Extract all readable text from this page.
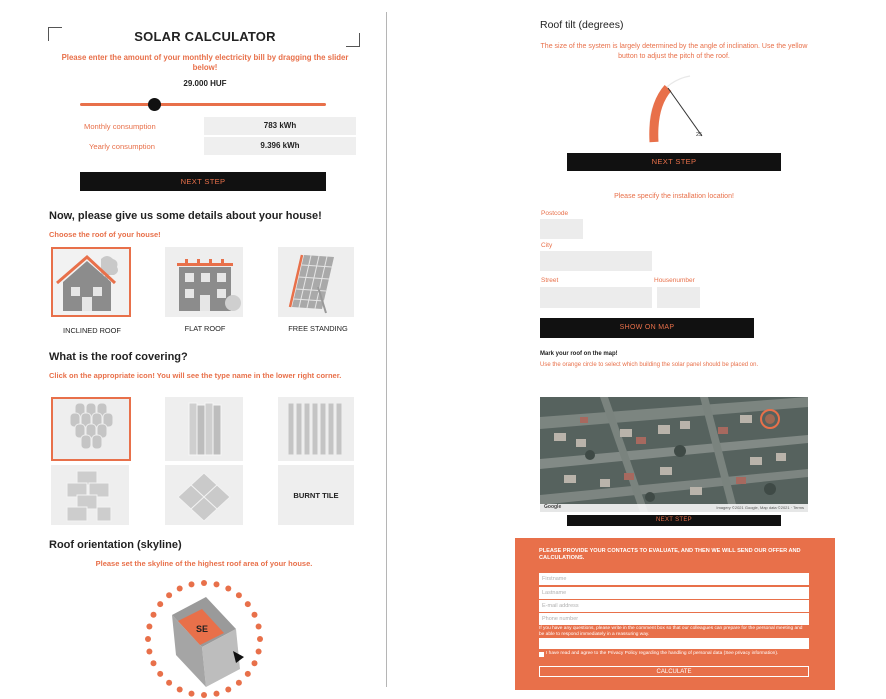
SOLAR CALCULATOR
Please enter the amount of your monthly electricity bill by dragging the slider below!
29.000 HUF
Monthly consumption	783 kWh
Yearly consumption	9.396 kWh
NEXT STEP
Now, please give us some details about your house!
Choose the roof of your house!
INCLINED ROOF	FLAT ROOF	FREE STANDING
What is the roof covering?
Click on the appropriate icon! You will see the type name in the lower right corner.
BURNT TILE
Roof orientation (skyline)
Please set the skyline of the highest roof area of your house.
SE
Roof tilt (degrees)
The size of the system is largely determined by the angle of inclination. Use the yellow button to adjust the pitch of the roof.
25
NEXT STEP
Please specify the installation location!
Postcode
City
Street	Housenumber
SHOW ON MAP
Mark your roof on the map!
Use the orange circle to select which building the solar panel should be placed on.
Google	Imagery ©2021 Google, Map data ©2021 · Terms
NEXT STEP
PLEASE PROVIDE YOUR CONTACTS TO EVALUATE, AND THEN WE WILL SEND OUR OFFER AND CALCULATIONS.
Firstname
Lastname
E-mail address
Phone number
If you have any questions, please write in the comment box so that our colleagues can prepare for the personal meeting and be able to respond immediately in a reassuring way.
I have read and agree to the Privacy Policy regarding the handling of personal data (See privacy information).
CALCULATE
